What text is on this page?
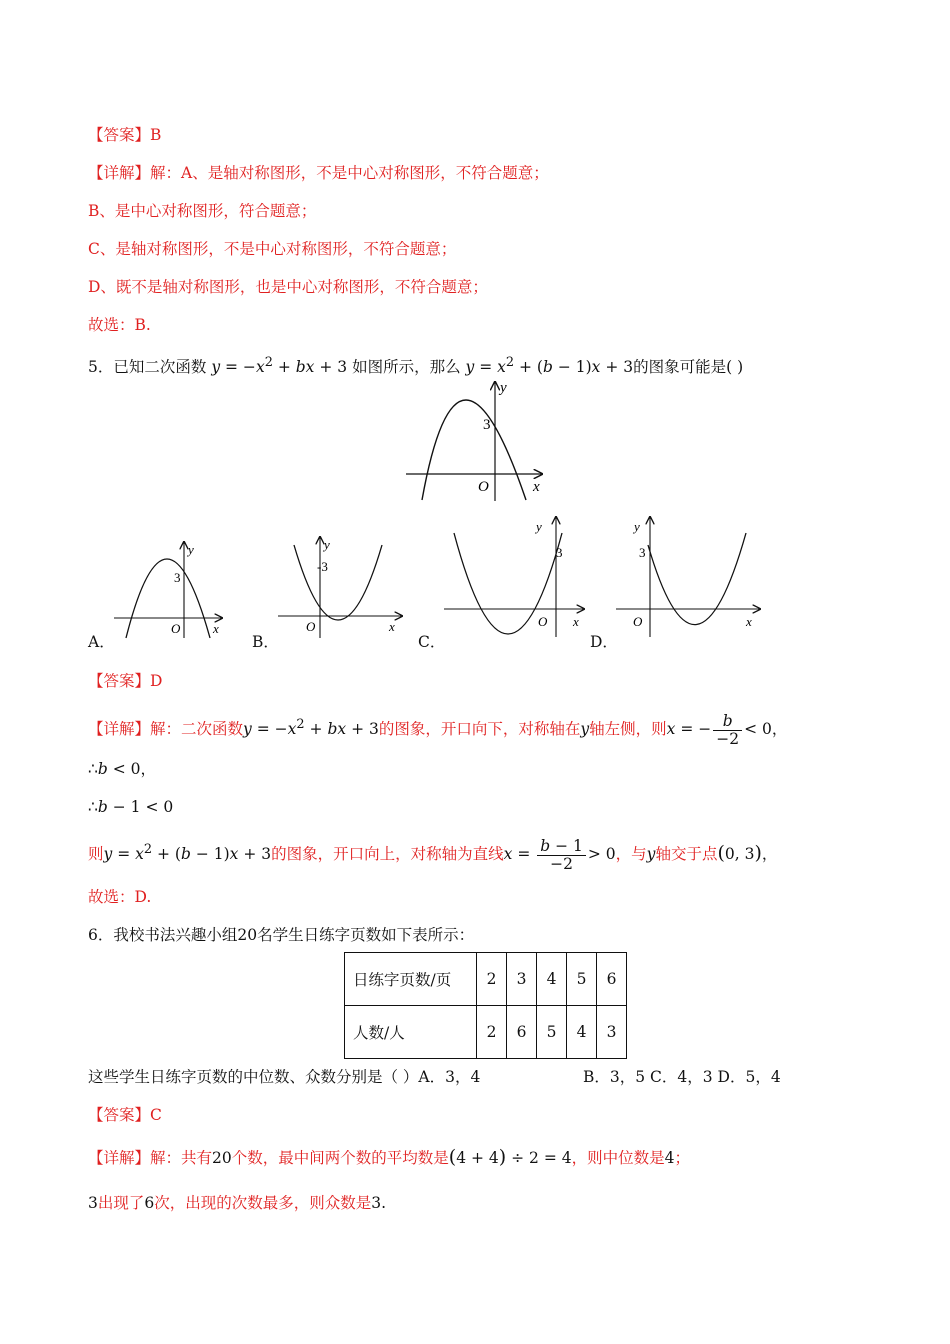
【答案】B
【详解】解：A、是轴对称图形，不是中心对称图形，不符合题意；
B、是中心对称图形，符合题意；
C、是轴对称图形，不是中心对称图形，不符合题意；
D、既不是轴对称图形，也是中心对称图形，不符合题意；
故选：B.
5．已知二次函数 $y = -x^2$ + bx + 3 如图所示，那么 $y = x^2 + (b - 1)x + 3$的图象可能是( )
y
3
O	x
A．
y
3
O	x
B．
y
-3
O	x
C．
y
3
O x
D．
y
3
O	x
【答案】D
【详解】解：二次函数$y = -x^2$ + bx + 3的图象，开口向下，对称轴在y轴左侧，则x = − $\frac{b}{-2} < 0$，
∴b < 0，
∴b − 1 < 0
则$y = x^2 + (b - 1)x + 3$的图象，开口向上，对称轴为直线$x = \frac{b - 1}{-2} > 0$，与y轴交于点(0, 3)，
故选：D.
6．我校书法兴趣小组20名学生日练字页数如下表所示：
日练字页数/页	2	3	4	5	6
人数/人	2	6	5	4	3
这些学生日练字页数的中位数、众数分别是（ ）A．3，4	B．3，5 C．4，3 D．5，4
【答案】C
【详解】解：共有20个数，最中间两个数的平均数是(4 + 4) ÷ 2 = 4，则中位数是4；
3出现了6次，出现的次数最多，则众数是3.
